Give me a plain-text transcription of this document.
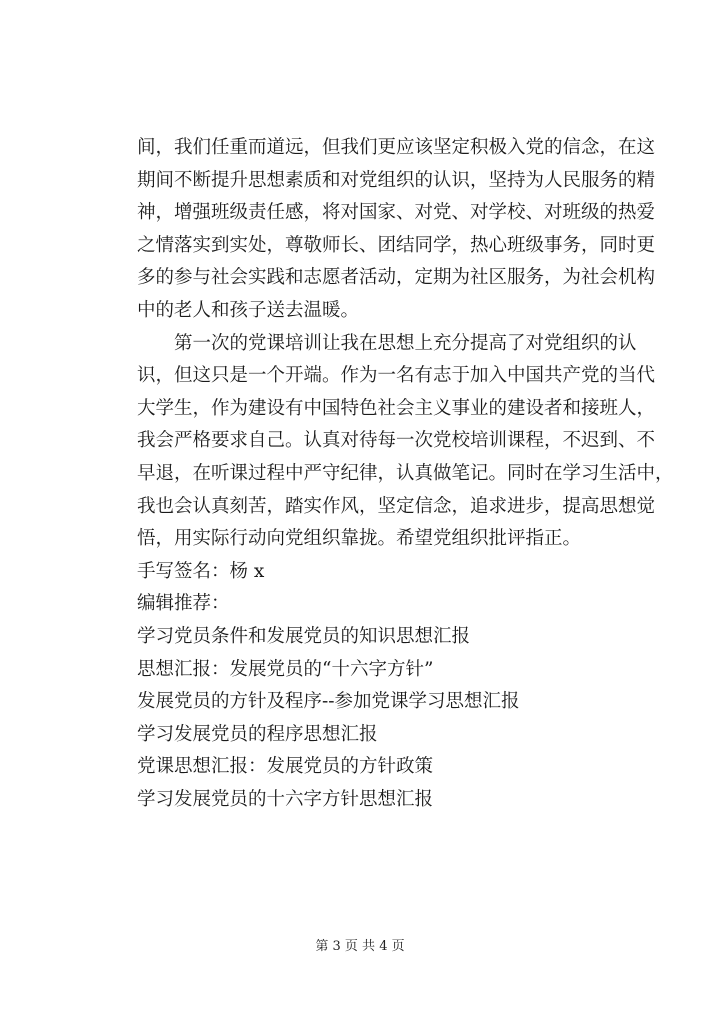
间，我们任重而道远，但我们更应该坚定积极入党的信念，在这
期间不断提升思想素质和对党组织的认识，坚持为人民服务的精
神，增强班级责任感，将对国家、对党、对学校、对班级的热爱
之情落实到实处，尊敬师长、团结同学，热心班级事务，同时更
多的参与社会实践和志愿者活动，定期为社区服务，为社会机构
中的老人和孩子送去温暖。
第一次的党课培训让我在思想上充分提高了对党组织的认
识，但这只是一个开端。作为一名有志于加入中国共产党的当代
大学生，作为建设有中国特色社会主义事业的建设者和接班人，
我会严格要求自己。认真对待每一次党校培训课程，不迟到、不
早退，在听课过程中严守纪律，认真做笔记。同时在学习生活中，
我也会认真刻苦，踏实作风，坚定信念，追求进步，提高思想觉
悟，用实际行动向党组织靠拢。希望党组织批评指正。
手写签名：杨 x
编辑推荐：
学习党员条件和发展党员的知识思想汇报
思想汇报：发展党员的“十六字方针”
发展党员的方针及程序--参加党课学习思想汇报
学习发展党员的程序思想汇报
党课思想汇报：发展党员的方针政策
学习发展党员的十六字方针思想汇报
第 3 页 共 4 页
